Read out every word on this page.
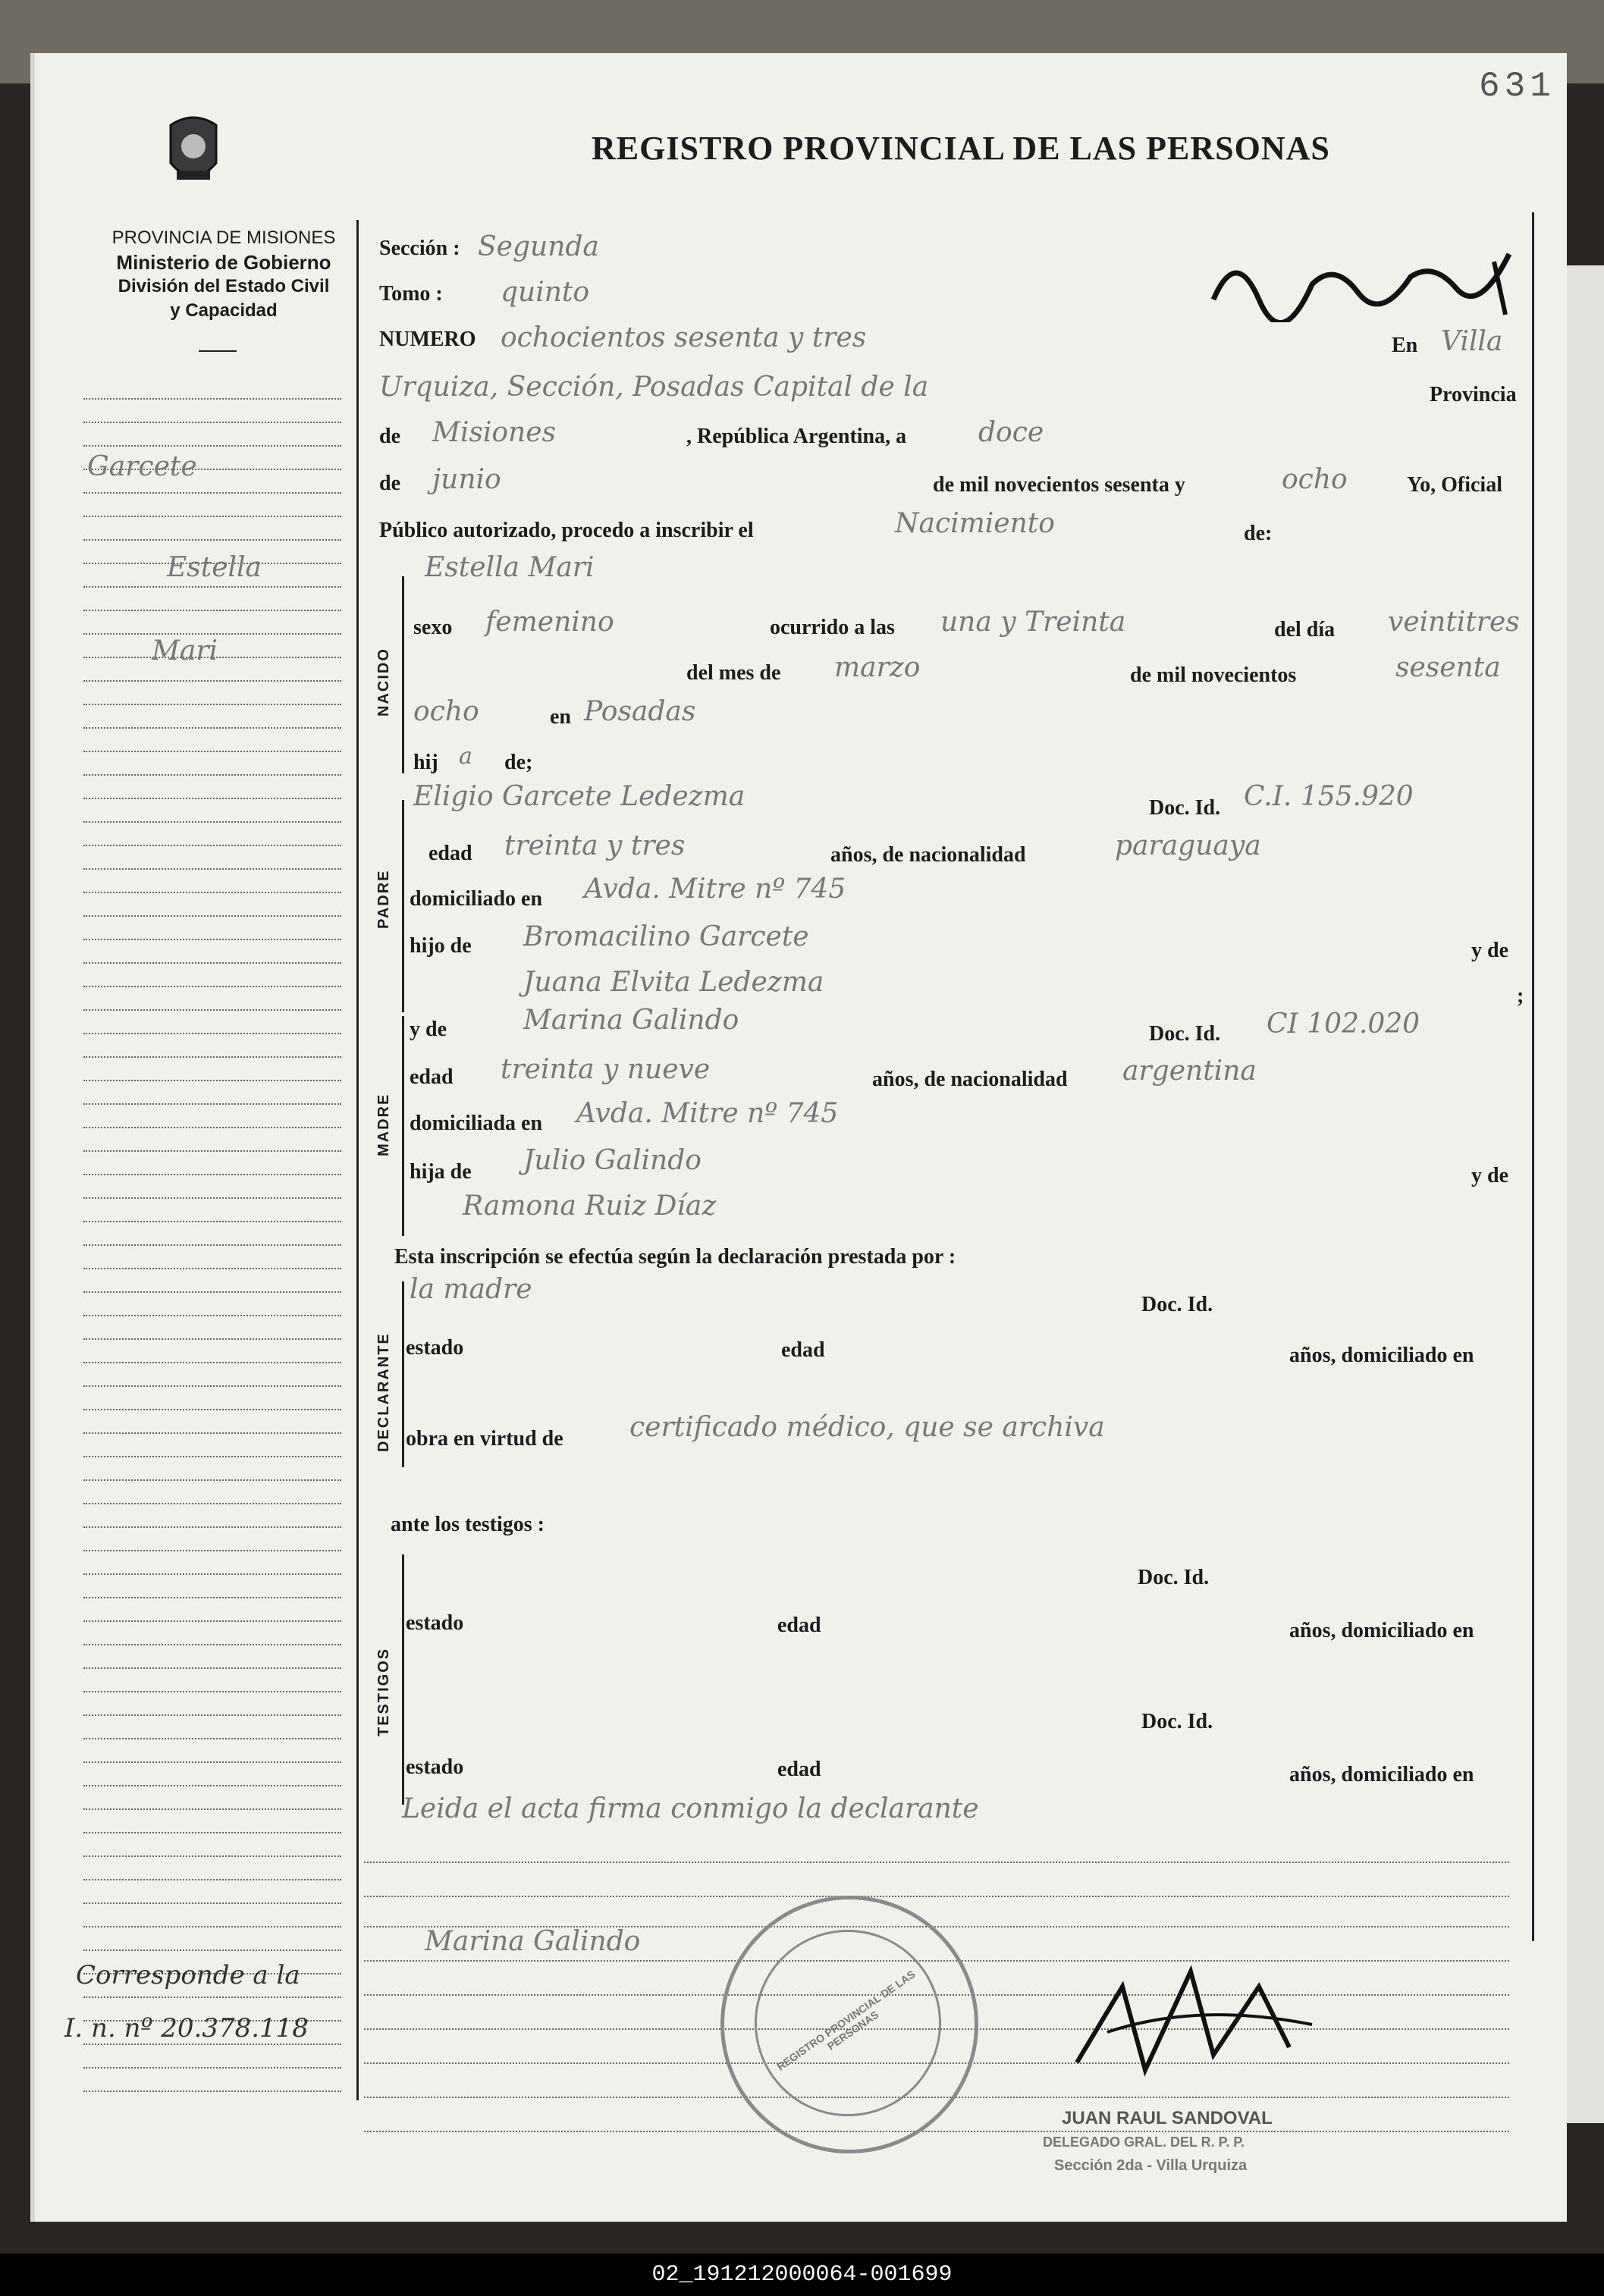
631
PROVINCIA DE MISIONES
Ministerio de Gobierno
División del Estado Civil
y Capacidad
REGISTRO PROVINCIAL DE LAS PERSONAS
Garcete
Estella
Mari
Corresponde a la
I. n. nº 20.378.118
Sección : Segunda
Tomo : quinto
NUMERO ochocientos sesenta y tres	En Villa
Urquiza, Sección, Posadas Capital de la	Provincia
de Misiones	, República Argentina, a	doce
de junio	de mil novecientos sesenta y	ocho	Yo, Oficial
Público autorizado, procedo a inscribir el	Nacimiento	de:
Estella Mari
NACIDO
sexo femenino	ocurrido a las una y Treinta	del día veintitres
del mes de marzo	de mil novecientos	sesenta
ocho	en Posadas
hij a de;
PADRE
Eligio Garcete Ledezma	Doc. Id. C.I. 155.920
edad treinta y tres	años, de nacionalidad	paraguaya
domiciliado en Avda. Mitre nº 745
hijo de Bromacilino Garcete	y de
Juana Elvita Ledezma	;
MADRE
y de	Marina Galindo	Doc. Id. CI 102.020
edad treinta y nueve	años, de nacionalidad argentina
domiciliada en Avda. Mitre nº 745
hija de Julio Galindo	y de
Ramona Ruiz Díaz
Esta inscripción se efectúa según la declaración prestada por :
DECLARANTE
la madre	Doc. Id.
estado	edad	años, domiciliado en
obra en virtud de certificado médico, que se archiva
ante los testigos :
TESTIGOS
Doc. Id.
estado	edad	años, domiciliado en
Doc. Id.
estado	edad	años, domiciliado en
Leida el acta firma conmigo la declarante
Marina Galindo
JUAN RAUL SANDOVAL
DELEGADO GRAL. DEL R. P. P.
Sección 2da - Villa Urquiza
REGISTRO PROVINCIAL DE LAS PERSONAS
02_191212000064-001699
